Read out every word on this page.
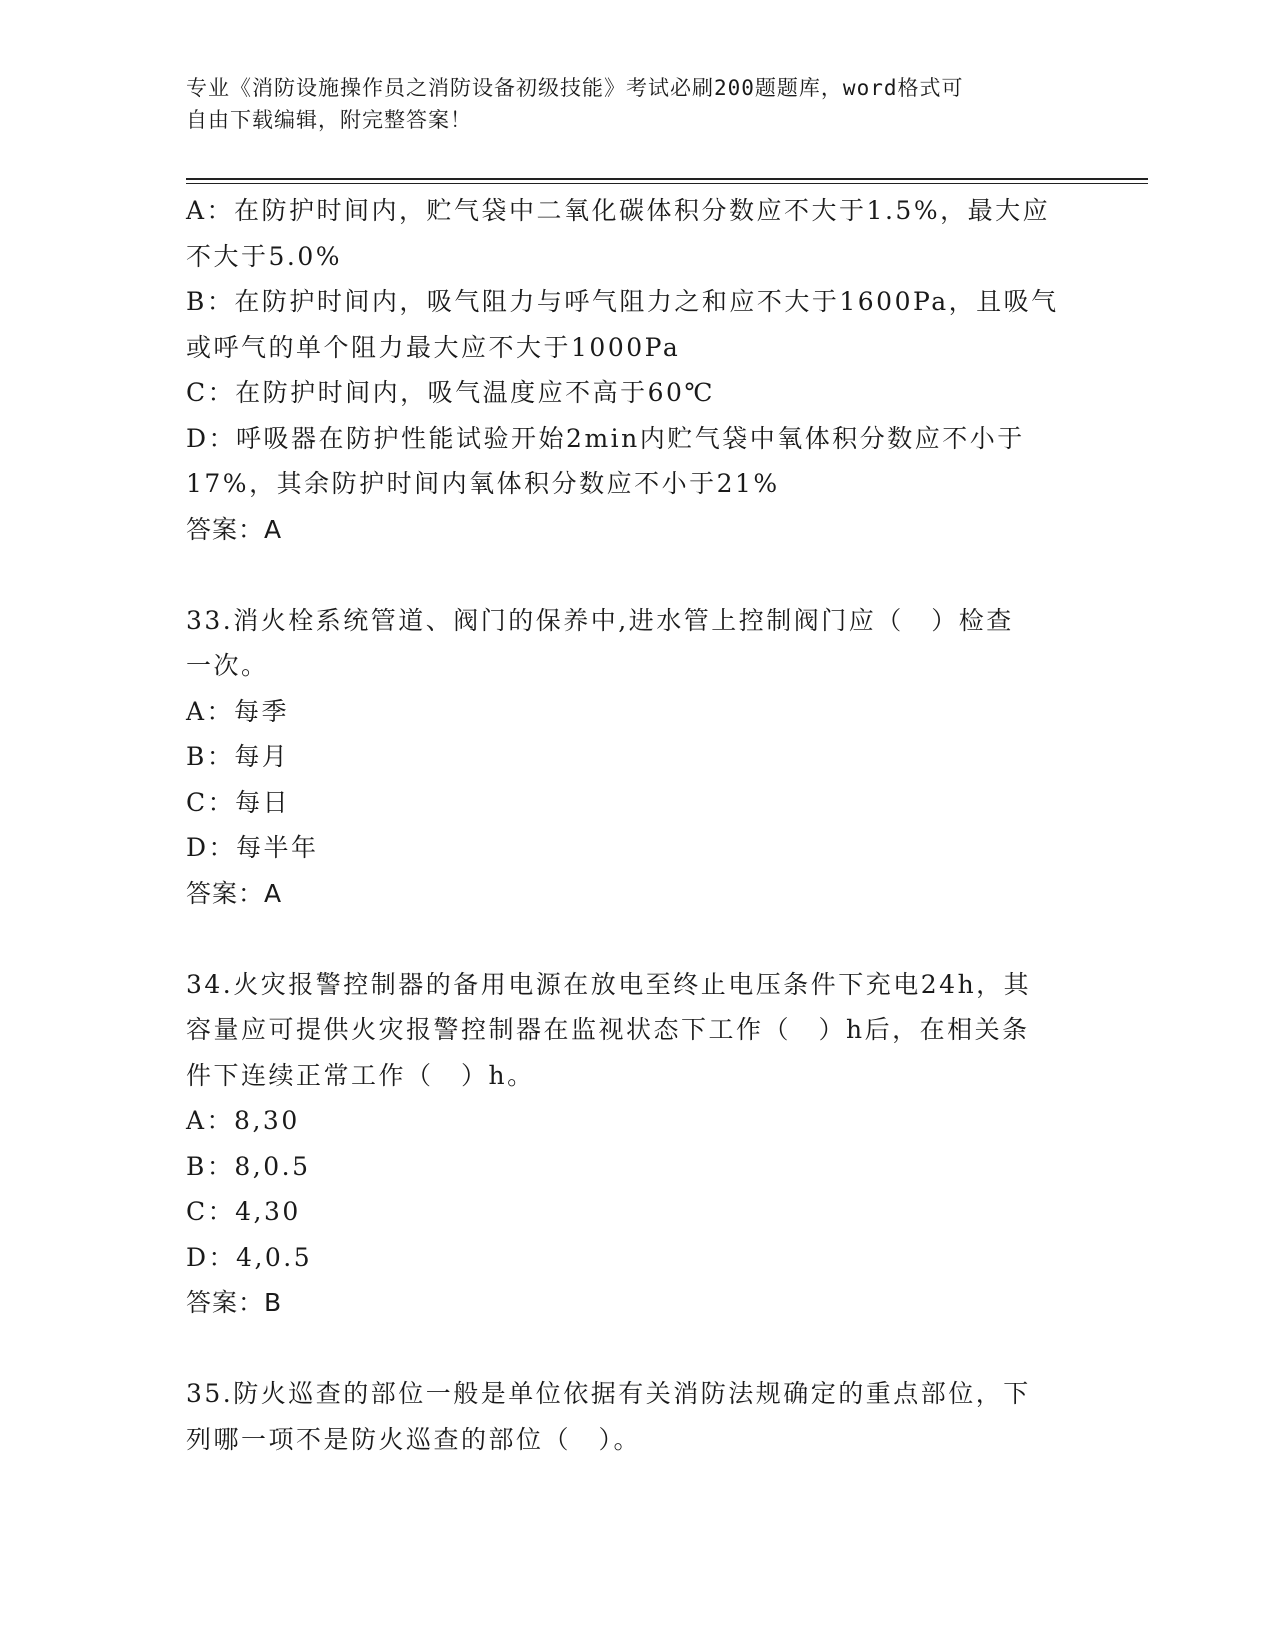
专业《消防设施操作员之消防设备初级技能》考试必刷200题题库，word格式可
自由下载编辑，附完整答案！
A：在防护时间内，贮气袋中二氧化碳体积分数应不大于1.5%，最大应
不大于5.0%
B：在防护时间内，吸气阻力与呼气阻力之和应不大于1600Pa，且吸气
或呼气的单个阻力最大应不大于1000Pa
C：在防护时间内，吸气温度应不高于60℃
D：呼吸器在防护性能试验开始2min内贮气袋中氧体积分数应不小于
17%，其余防护时间内氧体积分数应不小于21%
答案：A
33.消火栓系统管道、阀门的保养中,进水管上控制阀门应（　）检查
一次。
A：每季
B：每月
C：每日
D：每半年
答案：A
34.火灾报警控制器的备用电源在放电至终止电压条件下充电24h，其
容量应可提供火灾报警控制器在监视状态下工作（　）h后，在相关条
件下连续正常工作（　）h。
A：8,30
B：8,0.5
C：4,30
D：4,0.5
答案：B
35.防火巡查的部位一般是单位依据有关消防法规确定的重点部位，下
列哪一项不是防火巡查的部位（　）。
